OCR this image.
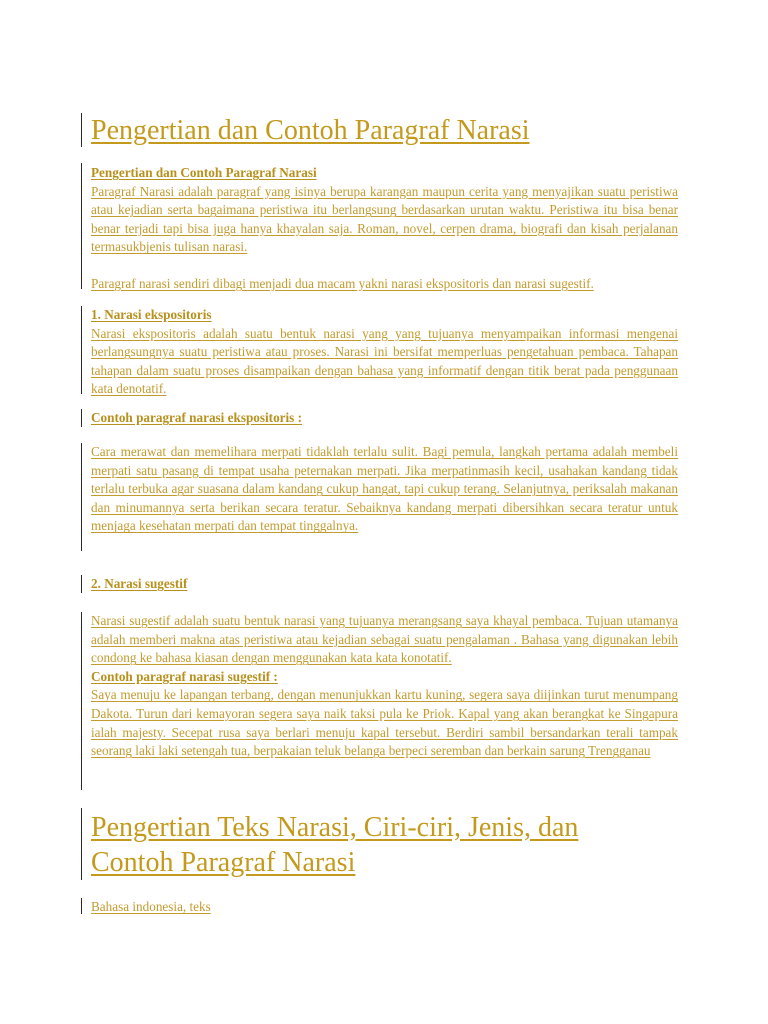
Pengertian dan Contoh Paragraf Narasi

Pengertian dan Contoh Paragraf Narasi

Paragraf Narasi adalah paragraf yang isinya berupa karangan maupun cerita yang menyajikan suatu peristiwa atau kejadian serta bagaimana peristiwa itu berlangsung berdasarkan urutan waktu. Peristiwa itu bisa benar benar terjadi tapi bisa juga hanya khayalan saja. Roman, novel, cerpen drama, biografi dan kisah perjalanan termasukbjenis tulisan narasi.

Paragraf narasi sendiri dibagi menjadi dua macam yakni narasi ekspositoris dan narasi sugestif.

1. Narasi ekspositoris

Narasi ekspositoris adalah suatu bentuk narasi yang yang tujuanya menyampaikan informasi mengenai berlangsungnya suatu peristiwa atau proses. Narasi ini bersifat memperluas pengetahuan pembaca. Tahapan tahapan dalam suatu proses disampaikan dengan bahasa yang informatif dengan titik berat pada penggunaan kata denotatif.

Contoh paragraf narasi ekspositoris :

Cara merawat dan memelihara merpati tidaklah terlalu sulit. Bagi pemula, langkah pertama adalah membeli merpati satu pasang di tempat usaha peternakan merpati. Jika merpatinmasih kecil, usahakan kandang tidak terlalu terbuka agar suasana dalam kandang cukup hangat, tapi cukup terang. Selanjutnya, periksalah makanan dan minumannya serta berikan secara teratur. Sebaiknya kandang merpati dibersihkan secara teratur untuk menjaga kesehatan merpati dan tempat tinggalnya.

2. Narasi sugestif

Narasi sugestif adalah suatu bentuk narasi yang tujuanya merangsang saya khayal pembaca. Tujuan utamanya adalah memberi makna atas peristiwa atau kejadian sebagai suatu pengalaman . Bahasa yang digunakan lebih condong ke bahasa kiasan dengan menggunakan kata kata konotatif.

Contoh paragraf narasi sugestif :

Saya menuju ke lapangan terbang, dengan menunjukkan kartu kuning, segera saya diijinkan turut menumpang Dakota. Turun dari kemayoran segera saya naik taksi pula ke Priok. Kapal yang akan berangkat ke Singapura ialah majesty. Secepat rusa saya berlari menuju kapal tersebut. Berdiri sambil bersandarkan terali tampak seorang laki laki setengah tua, berpakaian teluk belanga berpeci seremban dan berkain sarung Trengganau

Pengertian Teks Narasi, Ciri-ciri, Jenis, dan
Contoh Paragraf Narasi

Bahasa indonesia, teks
